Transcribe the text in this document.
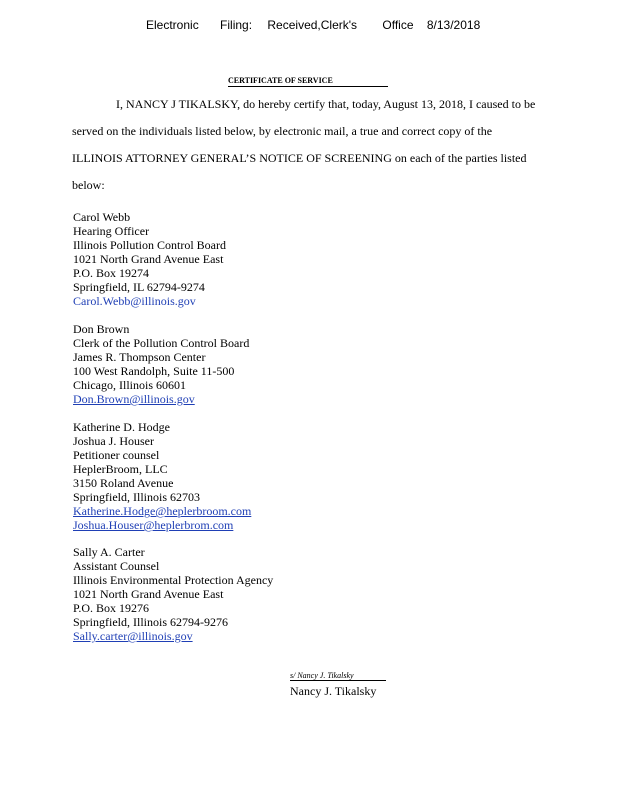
Electronic Filing: Received,Clerk's Office 8/13/2018
CERTIFICATE OF SERVICE
I, NANCY J TIKALSKY, do hereby certify that, today, August 13, 2018, I caused to be
served on the individuals listed below, by electronic mail, a true and correct copy of the
ILLINOIS ATTORNEY GENERAL’S NOTICE OF SCREENING on each of the parties listed
below:
Carol Webb
Hearing Officer
Illinois Pollution Control Board
1021 North Grand Avenue East
P.O. Box 19274
Springfield, IL 62794-9274
Carol.Webb@illinois.gov
Don Brown
Clerk of the Pollution Control Board
James R. Thompson Center
100 West Randolph, Suite 11-500
Chicago, Illinois 60601
Don.Brown@illinois.gov
Katherine D. Hodge
Joshua J. Houser
Petitioner counsel
HeplerBroom, LLC
3150 Roland Avenue
Springfield, Illinois 62703
Katherine.Hodge@heplerbroom.com
Joshua.Houser@heplerbrom.com
Sally A. Carter
Assistant Counsel
Illinois Environmental Protection Agency
1021 North Grand Avenue East
P.O. Box 19276
Springfield, Illinois 62794-9276
Sally.carter@illinois.gov
s/ Nancy J. Tikalsky
Nancy J. Tikalsky
